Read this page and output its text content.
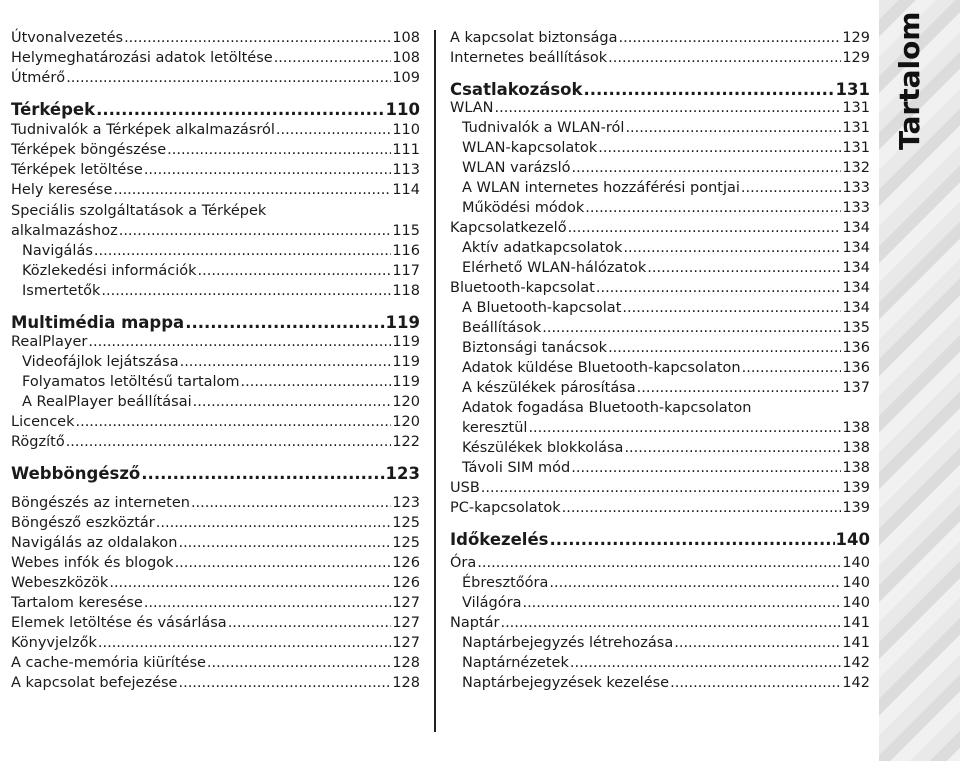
Útvonalvezetés .....	108
Helymeghatározási adatok letöltése .....	108
Útmérő .....	109
Térképek .....	110
Tudnivalók a Térképek alkalmazásról .....	110
Térképek böngészése .....	111
Térképek letöltése .....	113
Hely keresése .....	114
Speciális szolgáltatások a Térképek
alkalmazáshoz .....	115
Navigálás .....	116
Közlekedési információk .....	117
Ismertetők .....	118
Multimédia mappa .....	119
RealPlayer .....	119
Videofájlok lejátszása .....	119
Folyamatos letöltésű tartalom .....	119
A RealPlayer beállításai .....	120
Licencek .....	120
Rögzítő .....	122
Webböngésző .....	123
Böngészés az interneten .....	123
Böngésző eszköztár .....	125
Navigálás az oldalakon .....	125
Webes infók és blogok .....	126
Webeszközök .....	126
Tartalom keresése .....	127
Elemek letöltése és vásárlása .....	127
Könyvjelzők .....	127
A cache-memória kiürítése .....	128
A kapcsolat befejezése .....	128
A kapcsolat biztonsága .....	129
Internetes beállítások .....	129
Csatlakozások .....	131
WLAN .....	131
Tudnivalók a WLAN-ról .....	131
WLAN-kapcsolatok .....	131
WLAN varázsló .....	132
A WLAN internetes hozzáférési pontjai .....	133
Működési módok .....	133
Kapcsolatkezelő .....	134
Aktív adatkapcsolatok .....	134
Elérhető WLAN-hálózatok .....	134
Bluetooth-kapcsolat .....	134
A Bluetooth-kapcsolat .....	134
Beállítások .....	135
Biztonsági tanácsok .....	136
Adatok küldése Bluetooth-kapcsolaton .....	136
A készülékek párosítása .....	137
Adatok fogadása Bluetooth-kapcsolaton
keresztül .....	138
Készülékek blokkolása .....	138
Távoli SIM mód .....	138
USB .....	139
PC-kapcsolatok .....	139
Időkezelés .....	140
Óra .....	140
Ébresztőóra .....	140
Világóra .....	140
Naptár .....	141
Naptárbejegyzés létrehozása .....	141
Naptárnézetek .....	142
Naptárbejegyzések kezelése .....	142
Tartalom
